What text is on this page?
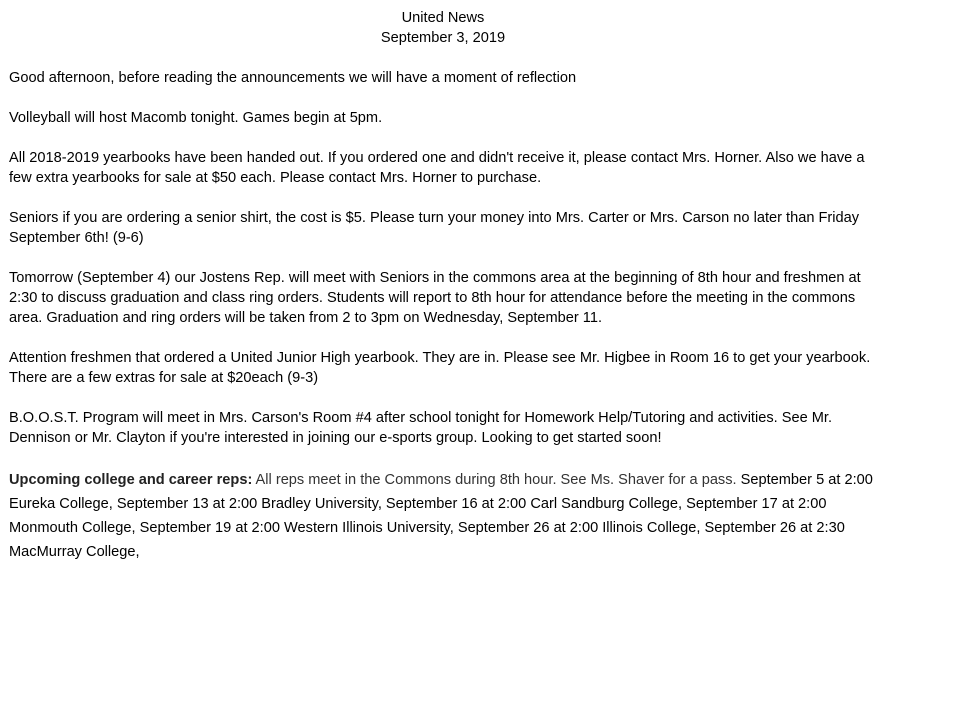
United News

September 3, 2019

Good afternoon, before reading the announcements we will have a moment of reflection

Volleyball will host Macomb tonight. Games begin at 5pm.

All 2018-2019 yearbooks have been handed out. If you ordered one and didn't receive it, please contact Mrs. Horner. Also we have a few extra yearbooks for sale at $50 each. Please contact Mrs. Horner to purchase.

Seniors if you are ordering a senior shirt, the cost is $5. Please turn your money into Mrs. Carter or Mrs. Carson no later than Friday September 6th! (9-6)

Tomorrow (September 4) our Jostens Rep. will meet with Seniors in the commons area at the beginning of 8th hour and freshmen at 2:30 to discuss graduation and class ring orders. Students will report to 8th hour for attendance before the meeting in the commons area. Graduation and ring orders will be taken from 2 to 3pm on Wednesday, September 11.

Attention freshmen that ordered a United Junior High yearbook. They are in. Please see Mr. Higbee in Room 16 to get your yearbook. There are a few extras for sale at $20each (9-3)

B.O.O.S.T. Program will meet in Mrs. Carson's Room #4 after school tonight for Homework Help/Tutoring and activities. See Mr. Dennison or Mr. Clayton if you're interested in joining our e-sports group. Looking to get started soon!

Upcoming college and career reps: All reps meet in the Commons during 8th hour. See Ms. Shaver for a pass. September 5 at 2:00 Eureka College, September 13 at 2:00 Bradley University, September 16 at 2:00 Carl Sandburg College, September 17 at 2:00 Monmouth College, September 19 at 2:00 Western Illinois University, September 26 at 2:00 Illinois College, September 26 at 2:30 MacMurray College,
